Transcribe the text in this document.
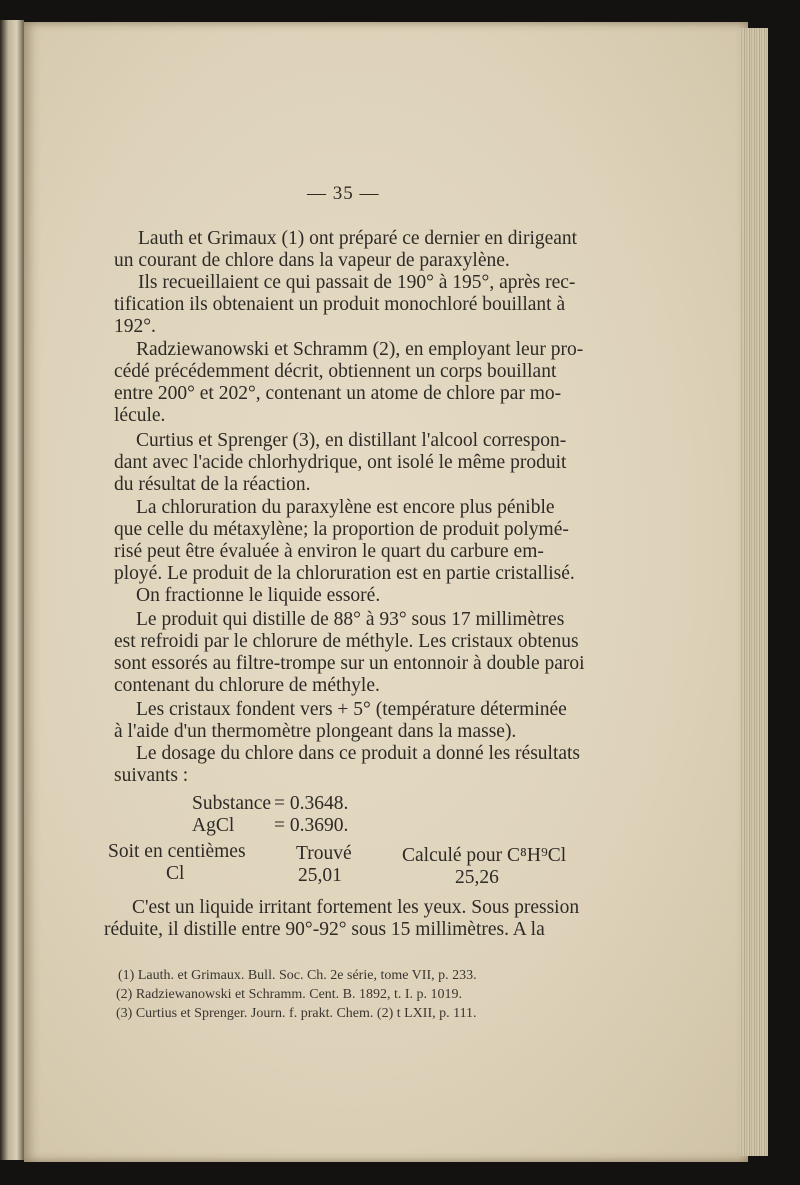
— 35 —
Lauth et Grimaux (1) ont préparé ce dernier en dirigeant
un courant de chlore dans la vapeur de paraxylène.
Ils recueillaient ce qui passait de 190° à 195°, après rec-
tification ils obtenaient un produit monochloré bouillant à
192°.
Radziewanowski et Schramm (2), en employant leur pro-
cédé précédemment décrit, obtiennent un corps bouillant
entre 200° et 202°, contenant un atome de chlore par mo-
lécule.
Curtius et Sprenger (3), en distillant l'alcool correspon-
dant avec l'acide chlorhydrique, ont isolé le même produit
du résultat de la réaction.
La chloruration du paraxylène est encore plus pénible
que celle du métaxylène; la proportion de produit polymé-
risé peut être évaluée à environ le quart du carbure em-
ployé. Le produit de la chloruration est en partie cristallisé.
On fractionne le liquide essoré.
Le produit qui distille de 88° à 93° sous 17 millimètres
est refroidi par le chlorure de méthyle. Les cristaux obtenus
sont essorés au filtre-trompe sur un entonnoir à double paroi
contenant du chlorure de méthyle.
Les cristaux fondent vers + 5° (température déterminée
à l'aide d'un thermomètre plongeant dans la masse).
Le dosage du chlore dans ce produit a donné les résultats
suivants :
Substance = 0.3648.
AgCl = 0.3690.
Soit en centièmes	Trouvé	Calculé pour C⁸H⁹Cl
Cl	25,01	25,26
C'est un liquide irritant fortement les yeux. Sous pression
réduite, il distille entre 90°-92° sous 15 millimètres. A la
(1) Lauth. et Grimaux. Bull. Soc. Ch. 2e série, tome VII, p. 233.
(2) Radziewanowski et Schramm. Cent. B. 1892, t. I. p. 1019.
(3) Curtius et Sprenger. Journ. f. prakt. Chem. (2) t LXII, p. 111.
